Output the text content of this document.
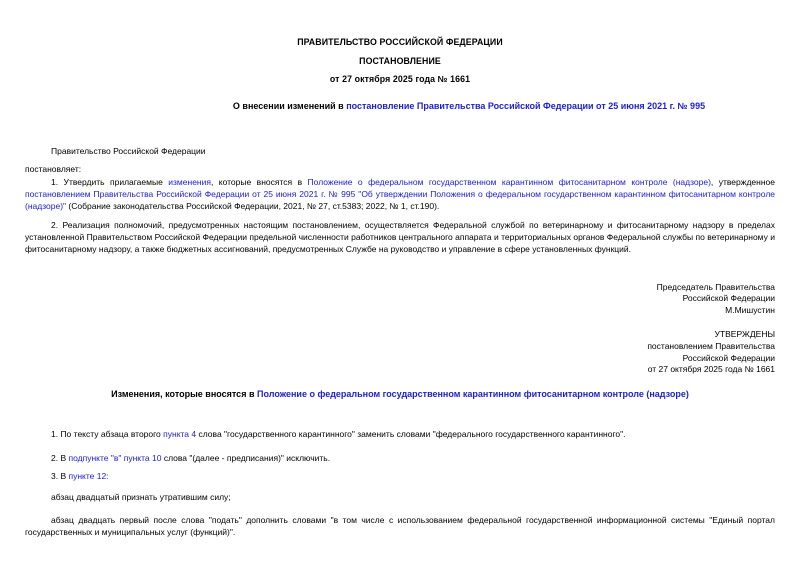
ПРАВИТЕЛЬСТВО РОССИЙСКОЙ ФЕДЕРАЦИИ
ПОСТАНОВЛЕНИЕ
от 27 октября 2025 года № 1661
О внесении изменений в постановление Правительства Российской Федерации от 25 июня 2021 г. № 995
Правительство Российской Федерации
постановляет:
1. Утвердить прилагаемые изменения, которые вносятся в Положение о федеральном государственном карантинном фитосанитарном контроле (надзоре), утвержденное постановлением Правительства Российской Федерации от 25 июня 2021 г. № 995 "Об утверждении Положения о федеральном государственном карантинном фитосанитарном контроле (надзоре)" (Собрание законодательства Российской Федерации, 2021, № 27, ст.5383; 2022, № 1, ст.190).
2. Реализация полномочий, предусмотренных настоящим постановлением, осуществляется Федеральной службой по ветеринарному и фитосанитарному надзору в пределах установленной Правительством Российской Федерации предельной численности работников центрального аппарата и территориальных органов Федеральной службы по ветеринарному и фитосанитарному надзору, а также бюджетных ассигнований, предусмотренных Службе на руководство и управление в сфере установленных функций.
Председатель Правительства
Российской Федерации
М.Мишустин
УТВЕРЖДЕНЫ
постановлением Правительства
Российской Федерации
от 27 октября 2025 года № 1661
Изменения, которые вносятся в Положение о федеральном государственном карантинном фитосанитарном контроле (надзоре)
1. По тексту абзаца второго пункта 4 слова "государственного карантинного" заменить словами "федерального государственного карантинного".
2. В подпункте "в" пункта 10 слова "(далее - предписания)" исключить.
3. В пункте 12:
абзац двадцатый признать утратившим силу;
абзац двадцать первый после слова "подать" дополнить словами "в том числе с использованием федеральной государственной информационной системы "Единый портал государственных и муниципальных услуг (функций)".
